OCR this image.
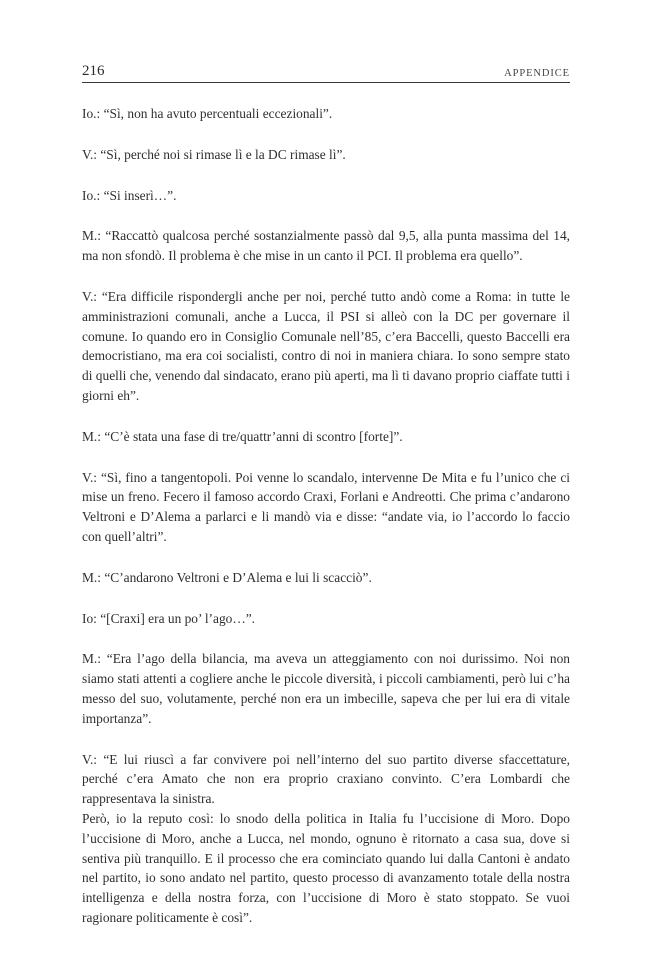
216	APPENDICE

Io.: “Sì, non ha avuto percentuali eccezionali”.

V.: “Sì, perché noi si rimase lì e la DC rimase lì”.

Io.: “Si inserì…”.

M.: “Raccattò qualcosa perché sostanzialmente passò dal 9,5, alla punta massima del 14, ma non sfondò. Il problema è che mise in un canto il PCI. Il problema era quello”.

V.: “Era difficile rispondergli anche per noi, perché tutto andò come a Roma: in tutte le amministrazioni comunali, anche a Lucca, il PSI si alleò con la DC per governare il comune. Io quando ero in Consiglio Comunale nell’85, c’era Baccelli, questo Baccelli era democristiano, ma era coi socialisti, contro di noi in maniera chiara. Io sono sempre stato di quelli che, venendo dal sindacato, erano più aperti, ma lì ti davano proprio ciaffate tutti i giorni eh”.

M.: “C’è stata una fase di tre/quattr’anni di scontro [forte]”.

V.: “Sì, fino a tangentopoli. Poi venne lo scandalo, intervenne De Mita e fu l’unico che ci mise un freno. Fecero il famoso accordo Craxi, Forlani e Andreotti. Che prima c’andarono Veltroni e D’Alema a parlarci e li mandò via e disse: “andate via, io l’accordo lo faccio con quell’altri”.

M.: “C’andarono Veltroni e D’Alema e lui li scacciò”.

Io: “[Craxi] era un po’ l’ago…”.

M.: “Era l’ago della bilancia, ma aveva un atteggiamento con noi durissimo. Noi non siamo stati attenti a cogliere anche le piccole diversità, i piccoli cambiamenti, però lui c’ha messo del suo, volutamente, perché non era un imbecille, sapeva che per lui era di vitale importanza”.

V.: “E lui riuscì a far convivere poi nell’interno del suo partito diverse sfaccettature, perché c’era Amato che non era proprio craxiano convinto. C’era Lombardi che rappresentava la sinistra.

Però, io la reputo così: lo snodo della politica in Italia fu l’uccisione di Moro. Dopo l’uccisione di Moro, anche a Lucca, nel mondo, ognuno è ritornato a casa sua, dove si sentiva più tranquillo. E il processo che era cominciato quando lui dalla Cantoni è andato nel partito, io sono andato nel partito, questo processo di avanzamento totale della nostra intelligenza e della nostra forza, con l’uccisione di Moro è stato stoppato. Se vuoi ragionare politicamente è così”.
